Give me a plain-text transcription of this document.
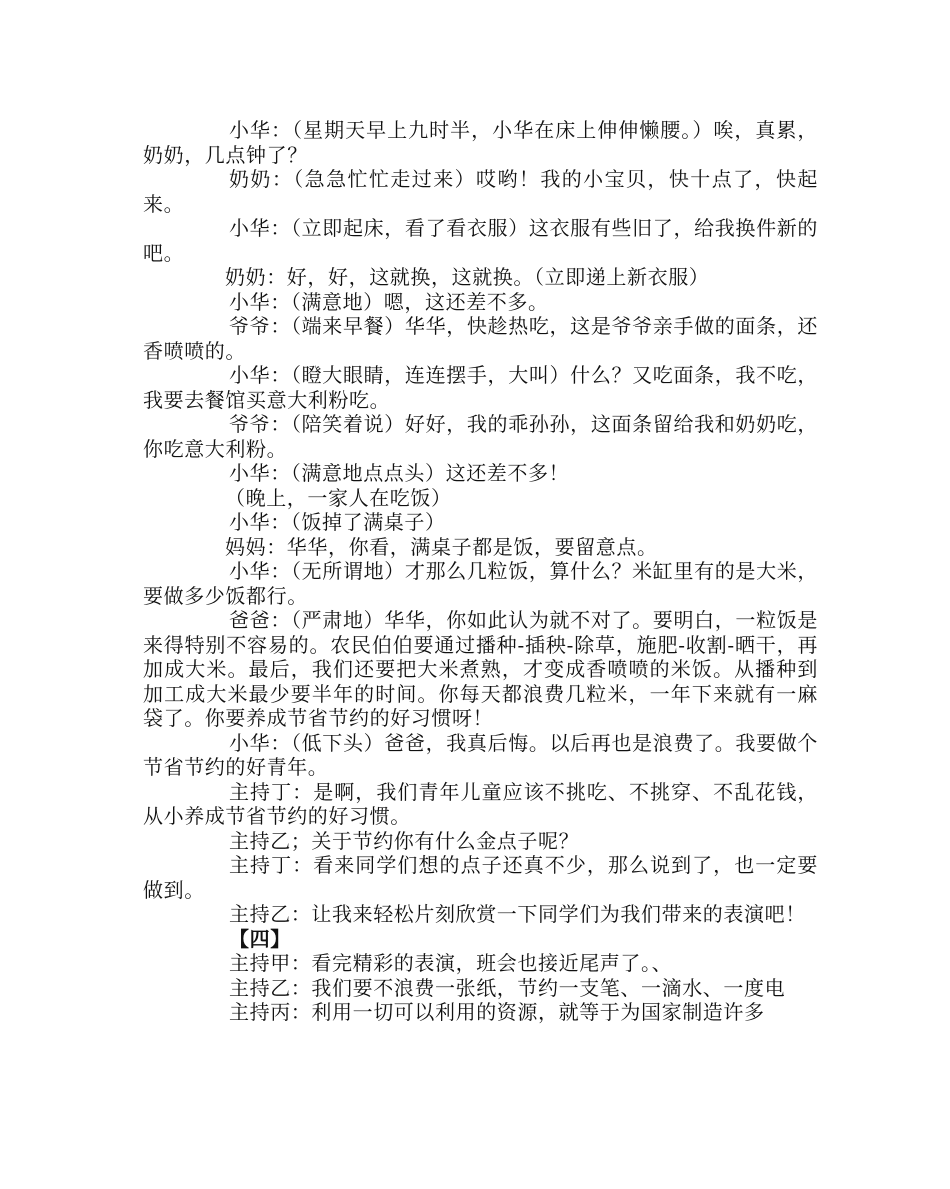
小华：（星期天早上九时半，小华在床上伸伸懒腰。）唉，真累，奶奶，几点钟了？

奶奶：（急急忙忙走过来）哎哟！我的小宝贝，快十点了，快起来。

小华：（立即起床，看了看衣服）这衣服有些旧了，给我换件新的吧。

奶奶：好，好，这就换，这就换。（立即递上新衣服）

小华：（满意地）嗯，这还差不多。

爷爷：（端来早餐）华华，快趁热吃，这是爷爷亲手做的面条，还香喷喷的。

小华：（瞪大眼睛，连连摆手，大叫）什么？又吃面条，我不吃，我要去餐馆买意大利粉吃。

爷爷：（陪笑着说）好好，我的乖孙孙，这面条留给我和奶奶吃，你吃意大利粉。

小华：（满意地点点头）这还差不多！

（晚上，一家人在吃饭）

小华：（饭掉了满桌子）

妈妈：华华，你看，满桌子都是饭，要留意点。

小华：（无所谓地）才那么几粒饭，算什么？米缸里有的是大米，要做多少饭都行。

爸爸：（严肃地）华华，你如此认为就不对了。要明白，一粒饭是来得特别不容易的。农民伯伯要通过播种-插秧-除草，施肥-收割-晒干，再加成大米。最后，我们还要把大米煮熟，才变成香喷喷的米饭。从播种到加工成大米最少要半年的时间。你每天都浪费几粒米，一年下来就有一麻袋了。你要养成节省节约的好习惯呀！

小华：（低下头）爸爸，我真后悔。以后再也是浪费了。我要做个节省节约的好青年。

主持丁：是啊，我们青年儿童应该不挑吃、不挑穿、不乱花钱，从小养成节省节约的好习惯。

主持乙；关于节约你有什么金点子呢？

主持丁：看来同学们想的点子还真不少，那么说到了，也一定要做到。

主持乙：让我来轻松片刻欣赏一下同学们为我们带来的表演吧！

【四】

主持甲：看完精彩的表演，班会也接近尾声了。、

主持乙：我们要不浪费一张纸，节约一支笔、一滴水、一度电

主持丙：利用一切可以利用的资源，就等于为国家制造许多
